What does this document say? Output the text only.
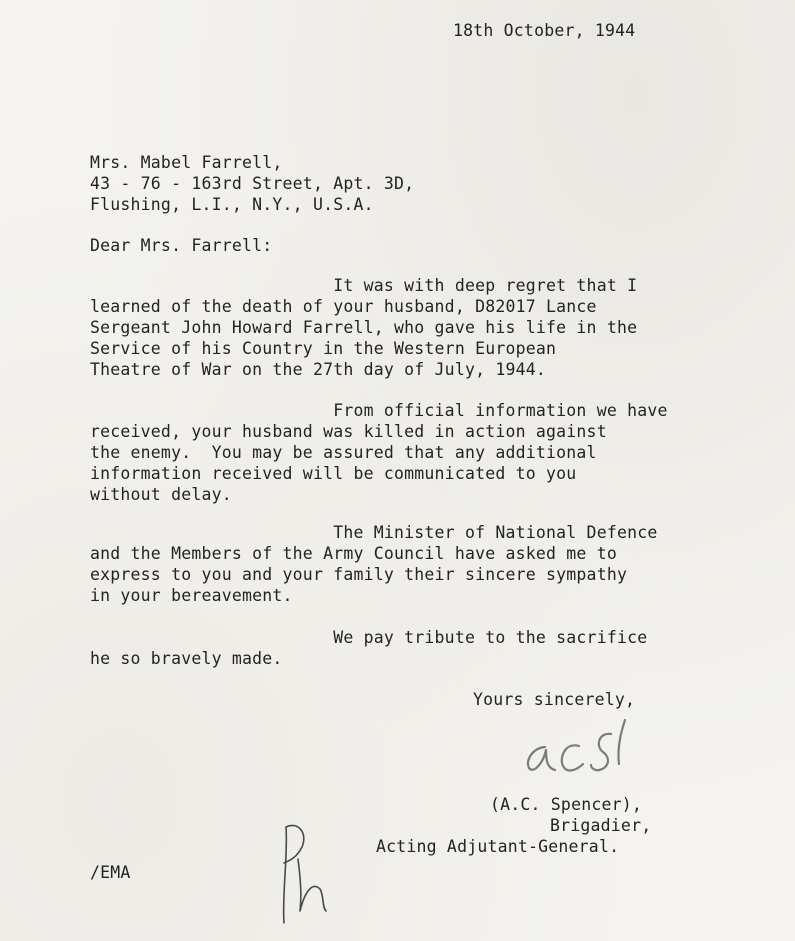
18th October, 1944
Mrs. Mabel Farrell,
43 - 76 - 163rd Street, Apt. 3D,
Flushing, L.I., N.Y., U.S.A.
Dear Mrs. Farrell:
It was with deep regret that I
learned of the death of your husband, D82017 Lance
Sergeant John Howard Farrell, who gave his life in the
Service of his Country in the Western European
Theatre of War on the 27th day of July, 1944.
From official information we have
received, your husband was killed in action against
the enemy.  You may be assured that any additional
information received will be communicated to you
without delay.
The Minister of National Defence
and the Members of the Army Council have asked me to
express to you and your family their sincere sympathy
in your bereavement.
We pay tribute to the sacrifice
he so bravely made.
Yours sincerely,
(A.C. Spencer),
Brigadier,
Acting Adjutant-General.
/EMA
